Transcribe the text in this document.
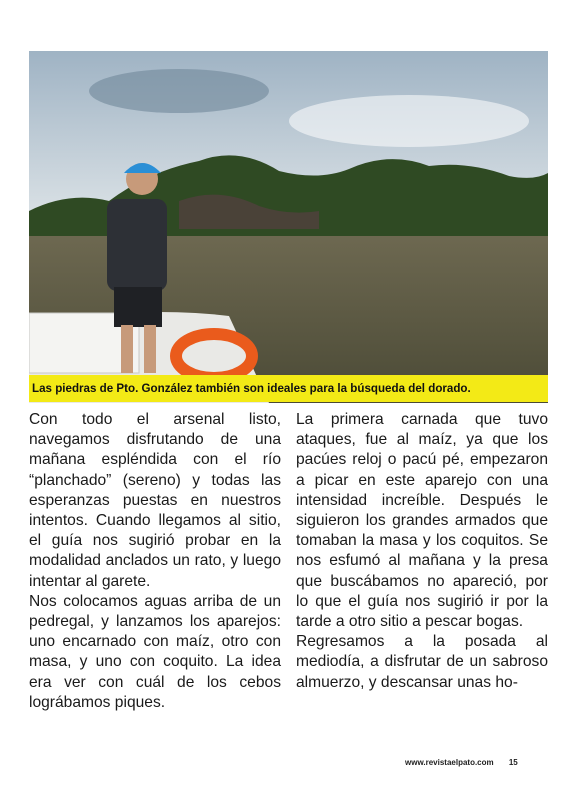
Las piedras de Pto. González también son ideales para la búsqueda del dorado.

Con todo el arsenal listo, navegamos disfrutando de una mañana espléndida con el río “planchado” (sereno) y todas las esperanzas puestas en nuestros intentos. Cuando llegamos al sitio, el guía nos sugirió probar en la modalidad anclados un rato, y luego intentar al garete.

Nos colocamos aguas arriba de un pedregal, y lanzamos los aparejos: uno encarnado con maíz, otro con masa, y uno con coquito. La idea era ver con cuál de los cebos lográbamos piques.

La primera carnada que tuvo ataques, fue al maíz, ya que los pacúes reloj o pacú pé, empezaron a picar en este aparejo con una intensidad increíble. Después le siguieron los grandes armados que tomaban la masa y los coquitos. Se nos esfumó al mañana y la presa que buscábamos no apareció, por lo que el guía nos sugirió ir por la tarde a otro sitio a pescar bogas.

Regresamos a la posada al mediodía, a disfrutar de un sabroso almuerzo, y descansar unas ho-

www.revistaelpato.com 15
